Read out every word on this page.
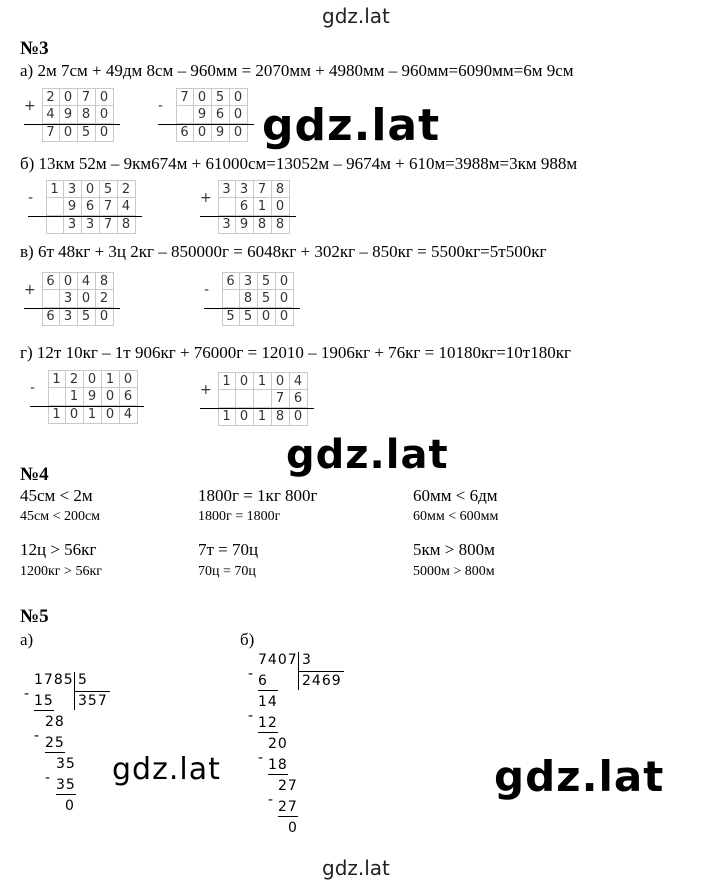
gdz.lat
gdz.lat
gdz.lat
gdz.lat
gdz.lat	gdz.lat
№3
а) 2м 7см + 49дм 8см – 960мм = 2070мм + 4980мм – 960мм=6090мм=6м 9см
б) 13км 52м – 9км674м + 61000см=13052м – 9674м + 610м=3988м=3км 988м
в) 6т 48кг + 3ц 2кг – 850000г = 6048кг + 302кг – 850кг = 5500кг=5т500кг
г) 12т 10кг – 1т 906кг + 76000г = 12010 – 1906кг + 76кг = 10180кг=10т180кг
+
2 0 7 0
4 9 8 0
7 0 5 0
-
7 0 5 0
9 6 0
6 0 9 0
-
1 3 0 5 2
9 6 7 4
3 3 7 8
+
3 3 7 8
6 1 0
3 9 8 8
+
6 0 4 8
3 0 2
6 3 5 0
-
6 3 5 0
8 5 0
5 5 0 0
-
1 2 0 1 0
1 9 0 6
1 0 1 0 4
+
1 0 1 0 4
7 6
1 0 1 8 0
№4
45см < 2м
45см < 200см
12ц > 56кг
1200кг > 56кг
1800г = 1кг 800г
1800г = 1800г
7т = 70ц
70ц = 70ц
60мм < 6дм
60мм < 600мм
5км > 800м
5000м > 800м
№5
а)	б)
1785 5
357
- 15
28
- 25
35
- 35
0
7407 3
2469
- 6
14
- 12
20
- 18
27
- 27
0
